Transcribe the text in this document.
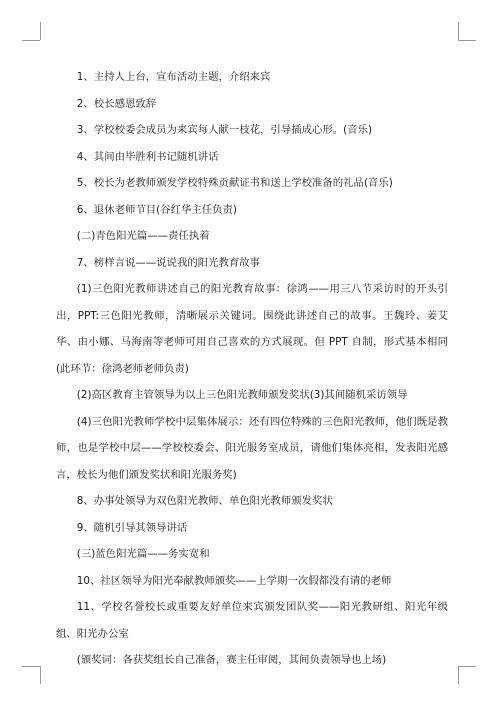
1、主持人上台，宣布活动主题，介绍来宾

2、校长感恩致辞

3、学校校委会成员为来宾每人献一枝花，引导插成心形。(音乐)

4、其间由毕胜利书记随机讲话

5、校长为老教师颁发学校特殊贡献证书和送上学校准备的礼品(音乐)

6、退休老师节目(谷红华主任负责)

(二)青色阳光篇——责任执着

7、榜样言说——说说我的阳光教育故事

(1)三色阳光教师讲述自己的阳光教育故事：徐鸿——用三八节采访时的开头引出，PPT:三色阳光教师，清晰展示关键词。围绕此讲述自己的故事。王魏玲、姜艾华、由小娜、马海南等老师可用自己喜欢的方式展现。但 PPT 自制，形式基本相同(此环节：徐鸿老师老师负责)

(2)高区教育主管领导为以上三色阳光教师颁发奖状(3)其间随机采访领导

(4)三色阳光教师学校中层集体展示：还有四位特殊的三色阳光教师，他们既是教师，也是学校中层——学校校委会、阳光服务室成员，请他们集体亮相，发表阳光感言，校长为他们颁发奖状和阳光服务奖)

8、办事处领导为双色阳光教师、单色阳光教师颁发奖状

9、随机引导其领导讲话

(三)蓝色阳光篇——务实宽和

10、社区领导为阳光奉献教师颁奖——上学期一次假都没有请的老师

11、学校名誉校长或重要友好单位来宾颁发团队奖——阳光教研组、阳光年级组、阳光办公室

(颁奖词：各获奖组长自己准备，赛主任审阅，其间负责领导也上场)
